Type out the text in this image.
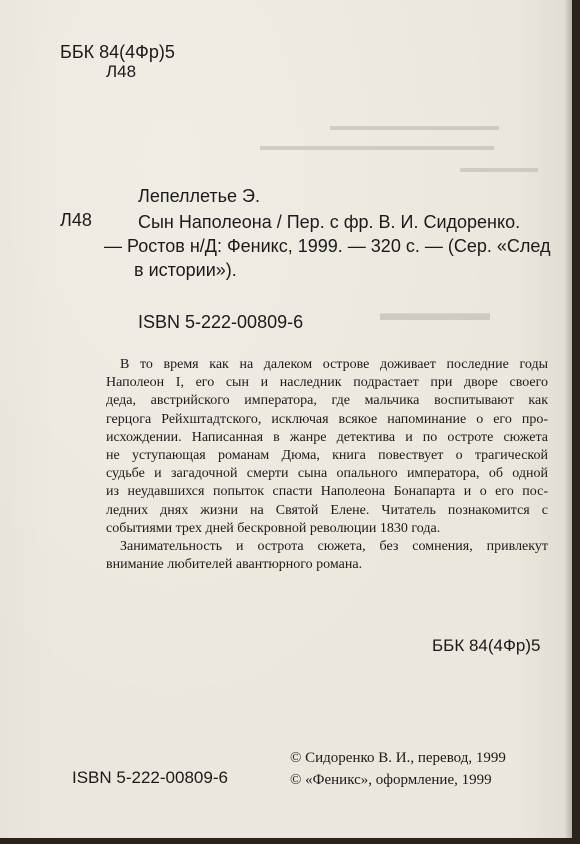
▬▬▬▬▬▬▬▬▬▬▬▬▬
▬▬▬▬▬▬▬▬▬▬▬▬▬▬▬▬▬▬
▬▬▬▬▬▬
▬▬▬▬▬
ББК 84(4Фр)5
Л48
Лепеллетье Э.
Л48	Сын Наполеона / Пер. с фр. В. И. Сидоренко.
— Ростов н/Д: Феникс, 1999. — 320 с. — (Сер. «След
в истории»).
ISBN 5-222-00809-6

В то время как на далеком острове доживает последние годы
Наполеон I, его сын и наследник подрастает при дворе своего
деда, австрийского императора, где мальчика воспитывают как
герцога Рейхштадтского, исключая всякое напоминание о его про-
исхождении. Написанная в жанре детектива и по остроте сюжета
не уступающая романам Дюма, книга повествует о трагической
судьбе и загадочной смерти сына опального императора, об одной
из неудавшихся попыток спасти Наполеона Бонапарта и о его пос-
ледних днях жизни на Святой Елене. Читатель познакомится с
событиями трех дней бескровной революции 1830 года.

Занимательность и острота сюжета, без сомнения, привлекут
внимание любителей авантюрного романа.

ББК 84(4Фр)5
ISBN 5-222-00809-6
© Сидоренко В. И., перевод, 1999
© «Феникс», оформление, 1999
